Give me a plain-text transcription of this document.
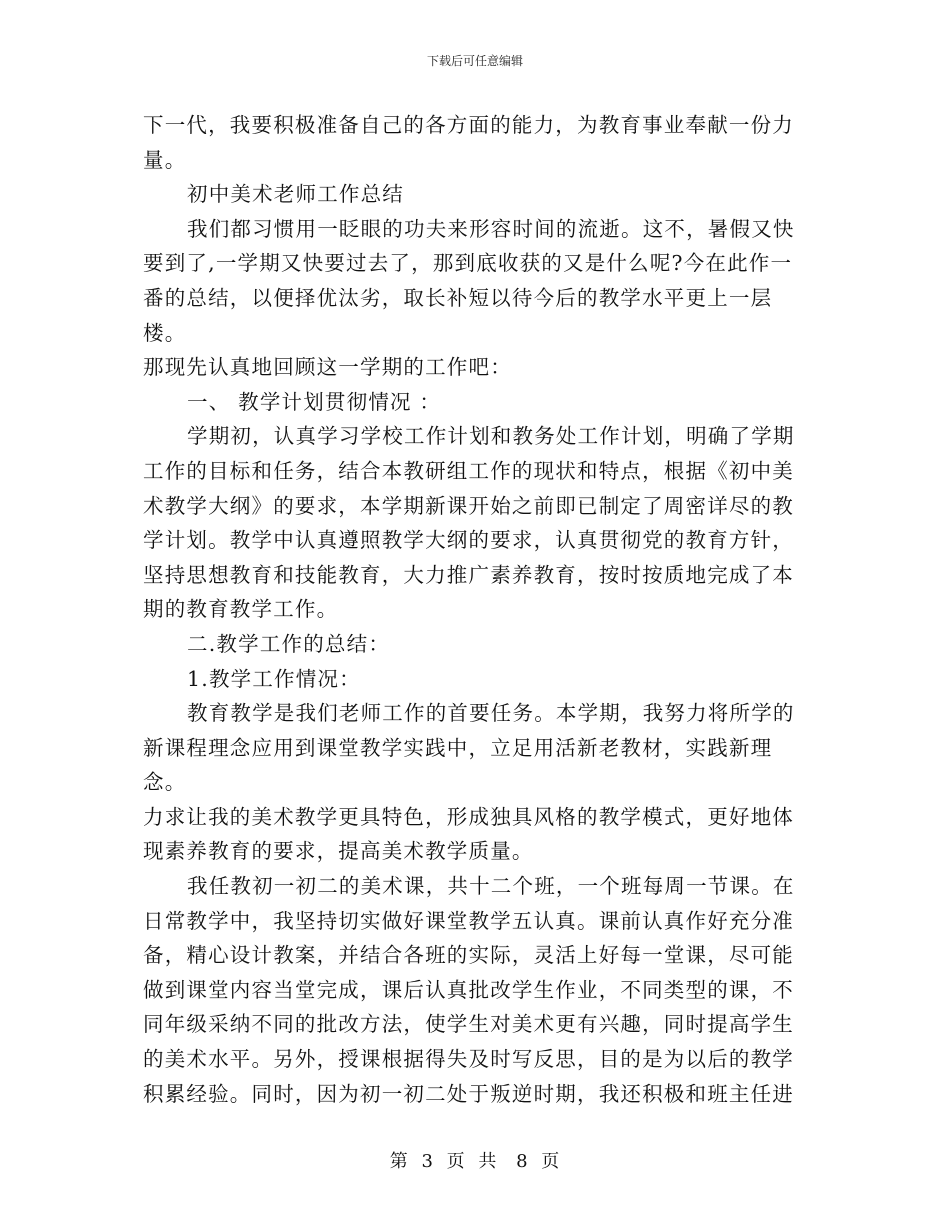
下载后可任意编辑

下一代，我要积极准备自己的各方面的能力，为教育事业奉献一份力

量。

初中美术老师工作总结

我们都习惯用一眨眼的功夫来形容时间的流逝。这不，暑假又快

要到了,一学期又快要过去了，那到底收获的又是什么呢?今在此作一

番的总结，以便择优汰劣，取长补短以待今后的教学水平更上一层楼。

那现先认真地回顾这一学期的工作吧：

一、 教学计划贯彻情况 ：

学期初，认真学习学校工作计划和教务处工作计划，明确了学期

工作的目标和任务，结合本教研组工作的现状和特点，根据《初中美

术教学大纲》的要求，本学期新课开始之前即已制定了周密详尽的教

学计划。教学中认真遵照教学大纲的要求，认真贯彻党的教育方针，

坚持思想教育和技能教育，大力推广素养教育，按时按质地完成了本

期的教育教学工作。

二.教学工作的总结：

1.教学工作情况：

教育教学是我们老师工作的首要任务。本学期，我努力将所学的

新课程理念应用到课堂教学实践中，立足用活新老教材，实践新理念。

力求让我的美术教学更具特色，形成独具风格的教学模式，更好地体

现素养教育的要求，提高美术教学质量。

我任教初一初二的美术课，共十二个班，一个班每周一节课。在

日常教学中，我坚持切实做好课堂教学五认真。课前认真作好充分准

备，精心设计教案，并结合各班的实际，灵活上好每一堂课，尽可能

做到课堂内容当堂完成，课后认真批改学生作业，不同类型的课，不

同年级采纳不同的批改方法，使学生对美术更有兴趣，同时提高学生

的美术水平。另外，授课根据得失及时写反思，目的是为以后的教学

积累经验。同时，因为初一初二处于叛逆时期，我还积极和班主任进

第 3 页 共 8 页
